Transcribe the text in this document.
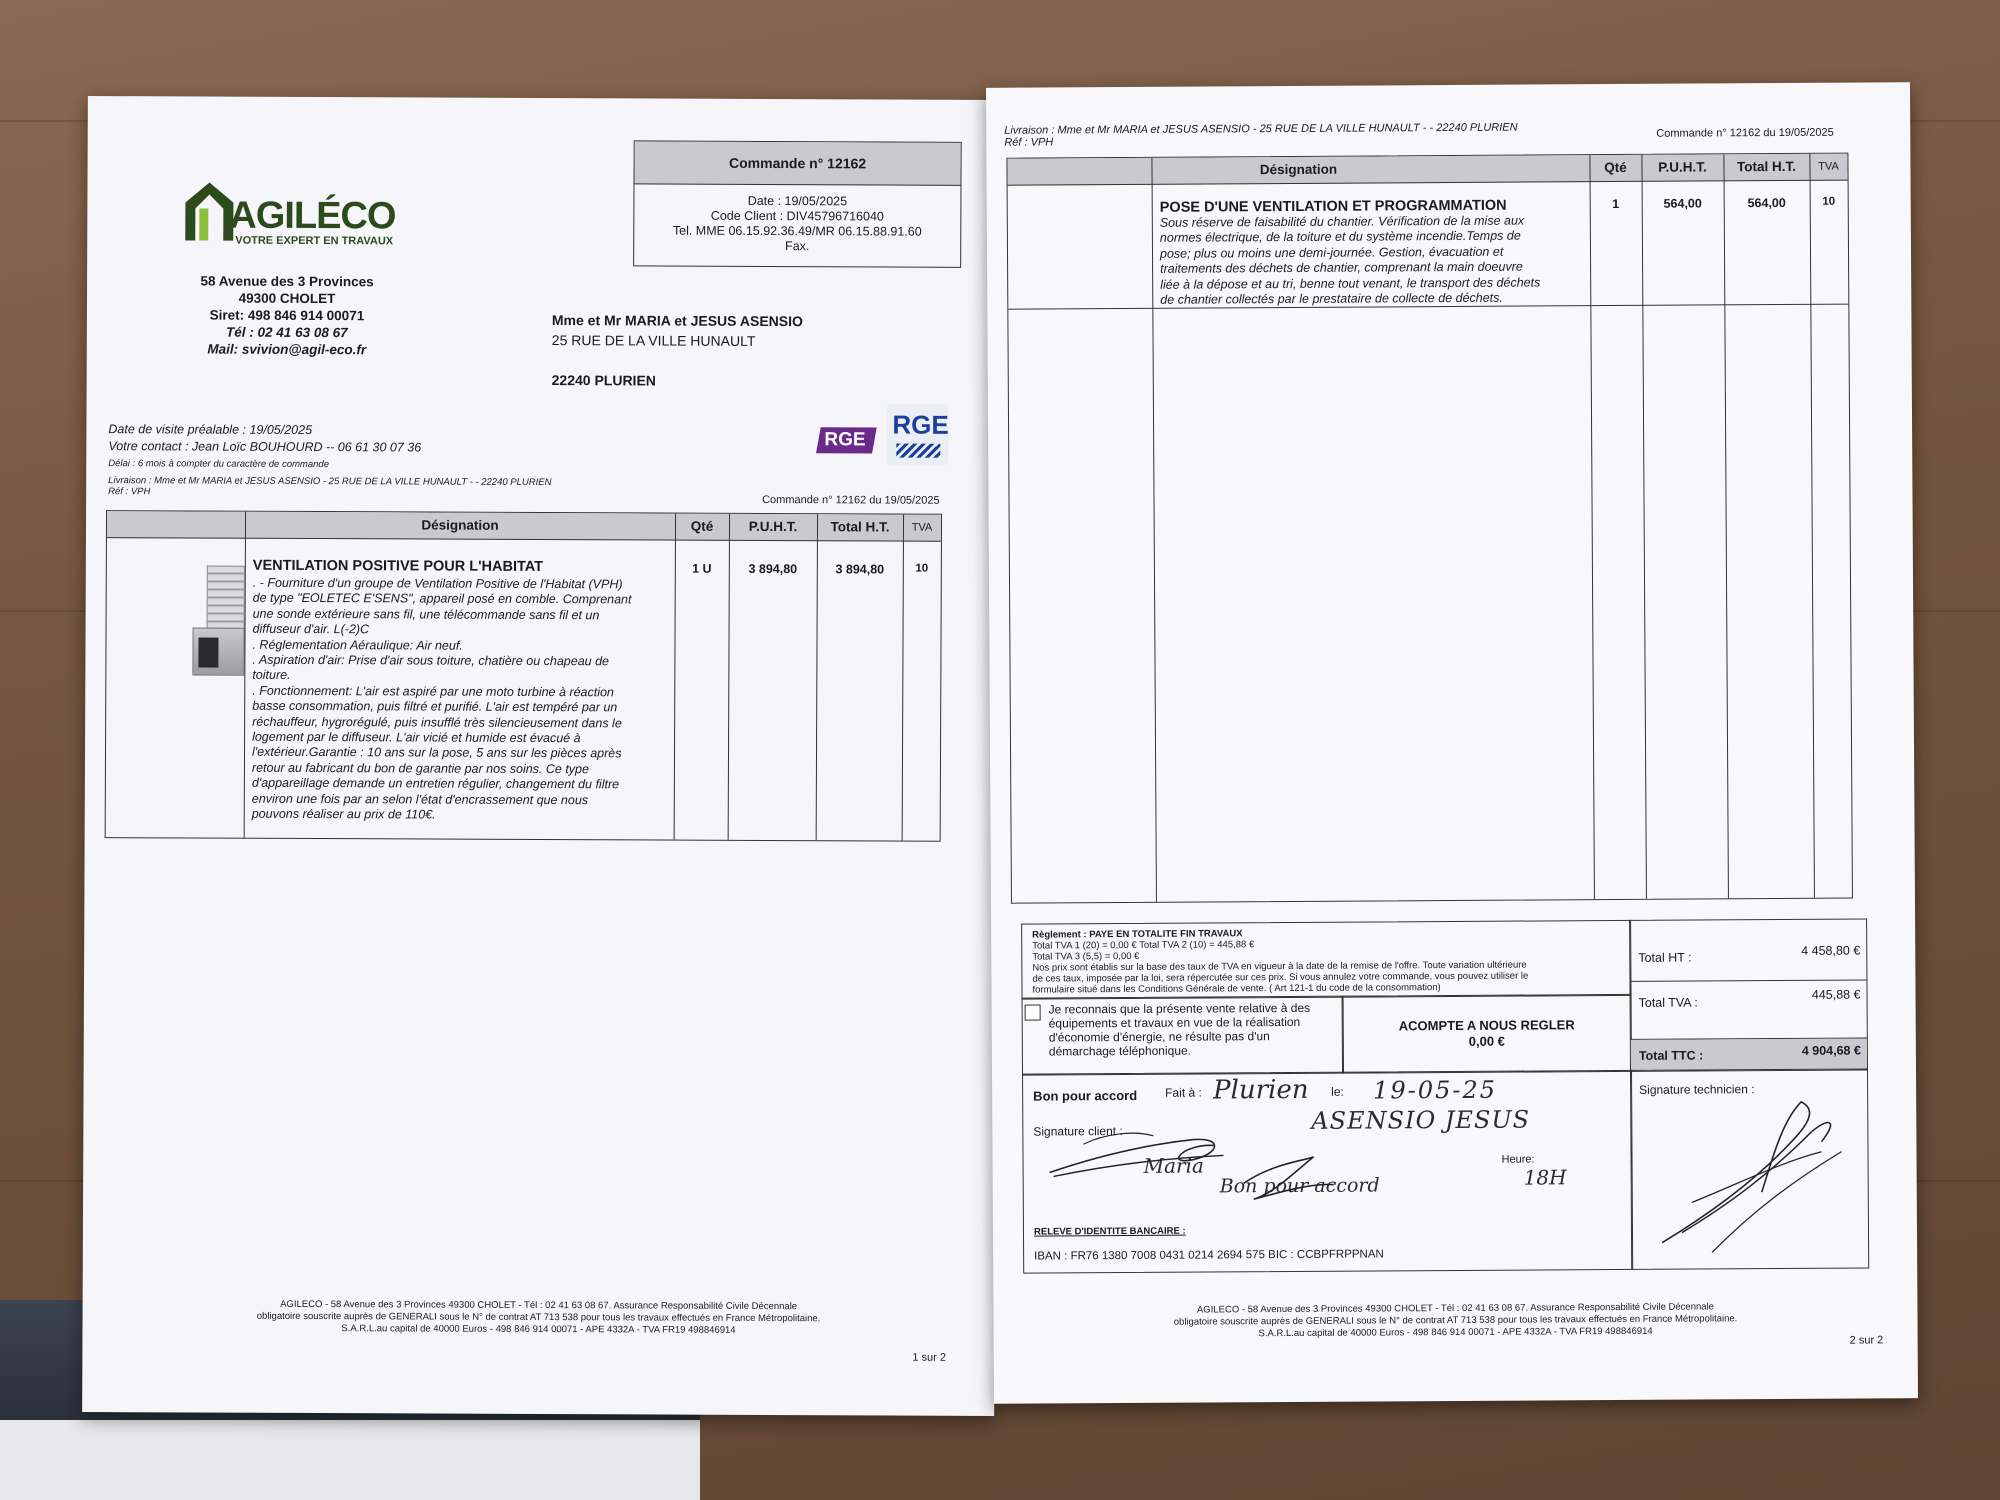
AGILÉCO
VOTRE EXPERT EN TRAVAUX
58 Avenue des 3 Provinces
49300 CHOLET
Siret: 498 846 914 00071
Tél : 02 41 63 08 67
Mail: svivion@agil-eco.fr
Commande n° 12162
Date : 19/05/2025
Code Client : DIV45796716040
Tel. MME 06.15.92.36.49/MR 06.15.88.91.60
Fax.
Mme et Mr MARIA et JESUS ASENSIO
25 RUE DE LA VILLE HUNAULT
22240 PLURIEN
RGE
RGE
Date de visite préalable : 19/05/2025
Votre contact : Jean Loïc BOUHOURD -- 06 61 30 07 36
Délai : 6 mois à compter du caractère de commande
Livraison : Mme et Mr MARIA et JESUS ASENSIO - 25 RUE DE LA VILLE HUNAULT - - 22240 PLURIEN
Réf : VPH
Commande n° 12162 du 19/05/2025
Désignation	Qté	P.U.H.T.	Total H.T.	TVA
VENTILATION POSITIVE POUR L'HABITAT
. - Fourniture d'un groupe de Ventilation Positive de l'Habitat (VPH)
de type "EOLETEC E'SENS", appareil posé en comble. Comprenant
une sonde extérieure sans fil, une télécommande sans fil et un
diffuseur d'air. L(-2)C
. Réglementation Aéraulique: Air neuf.
. Aspiration d'air: Prise d'air sous toiture, chatière ou chapeau de
toiture.
. Fonctionnement: L'air est aspiré par une moto turbine à réaction
basse consommation, puis filtré et purifié. L'air est tempéré par un
réchauffeur, hygrorégulé, puis insufflé très silencieusement dans le
logement par le diffuseur. L'air vicié et humide est évacué à
l'extérieur.Garantie : 10 ans sur la pose, 5 ans sur les pièces après
retour au fabricant du bon de garantie par nos soins. Ce type
d'appareillage demande un entretien régulier, changement du filtre
environ une fois par an selon l'état d'encrassement que nous
pouvons réaliser au prix de 110€.
1 U	3 894,80	3 894,80	10
AGILECO - 58 Avenue des 3 Provinces 49300 CHOLET - Tél : 02 41 63 08 67. Assurance Responsabilité Civile Décennale
obligatoire souscrite auprès de GENERALI sous le N° de contrat AT 713 538 pour tous les travaux effectués en France Métropolitaine.
S.A.R.L.au capital de 40000 Euros - 498 846 914 00071 - APE 4332A - TVA FR19 498846914
1 sur 2
Livraison : Mme et Mr MARIA et JESUS ASENSIO - 25 RUE DE LA VILLE HUNAULT - - 22240 PLURIEN
Réf : VPH
Commande n° 12162 du 19/05/2025
Désignation	Qté	P.U.H.T.	Total H.T.	TVA
POSE D'UNE VENTILATION ET PROGRAMMATION
Sous réserve de faisabilité du chantier. Vérification de la mise aux
normes électrique, de la toiture et du système incendie.Temps de
pose; plus ou moins une demi-journée. Gestion, évacuation et
traitements des déchets de chantier, comprenant la main doeuvre
liée à la dépose et au tri, benne tout venant, le transport des déchets
de chantier collectés par le prestataire de collecte de déchets.
1	564,00	564,00	10
Règlement : PAYE EN TOTALITE FIN TRAVAUX
Total TVA 1 (20) = 0,00 € Total TVA 2 (10) = 445,88 €
Total TVA 3 (5,5) = 0,00 €
Nos prix sont établis sur la base des taux de TVA en vigueur à la date de la remise de l'offre. Toute variation ultérieure
de ces taux, imposée par la loi, sera répercutée sur ces prix. Si vous annulez votre commande, vous pouvez utiliser le
formulaire situé dans les Conditions Générale de vente. ( Art 121-1 du code de la consommation)
Je reconnais que la présente vente relative à des
équipements et travaux en vue de la réalisation
d'économie d'énergie, ne résulte pas d'un
démarchage téléphonique.
ACOMPTE A NOUS REGLER
0,00 €
Total HT :	4 458,80 €
Total TVA :
445,88 €
Total TTC :	4 904,68 €
Bon pour accord Fait à :	le:
Signature client :
Heure:
Plurien	19-05-25
ASENSIO JESUS
Maria
Bon pour accord	18H
RELEVE D'IDENTITE BANCAIRE :
IBAN : FR76 1380 7008 0431 0214 2694 575 BIC : CCBPFRPPNAN
Signature technicien :
AGILECO - 58 Avenue des 3 Provinces 49300 CHOLET - Tél : 02 41 63 08 67. Assurance Responsabilité Civile Décennale
obligatoire souscrite auprès de GENERALI sous le N° de contrat AT 713 538 pour tous les travaux effectués en France Métropolitaine.
S.A.R.L.au capital de 40000 Euros - 498 846 914 00071 - APE 4332A - TVA FR19 498846914
2 sur 2
